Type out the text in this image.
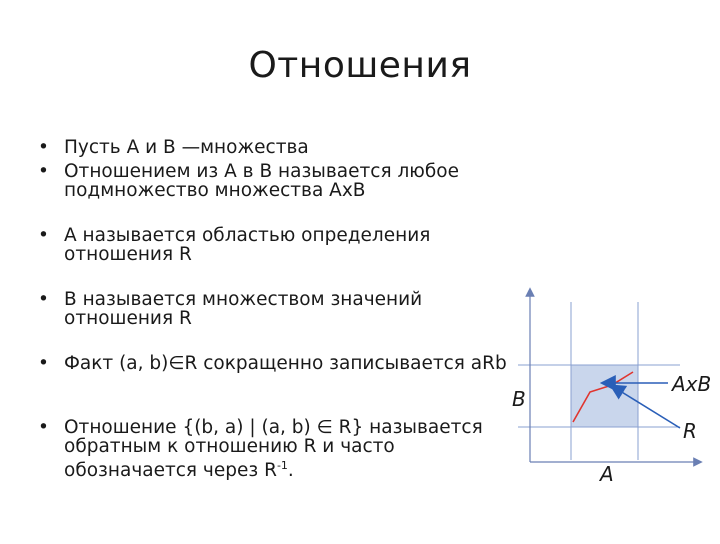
Отношения
• Пусть А и В —множества
• Отношением из А в В называется любое подмножество множества АхВ
• А называется областью определения отношения R
• В называется множеством значений отношения R
• Факт (a, b)∈R сокращенно записывается aRb
• Отношение {(b, a) | (a, b) ∈ R} называется обратным к отношению R и часто обозначается через $R^{-1}$.
B
AxB
R
A
